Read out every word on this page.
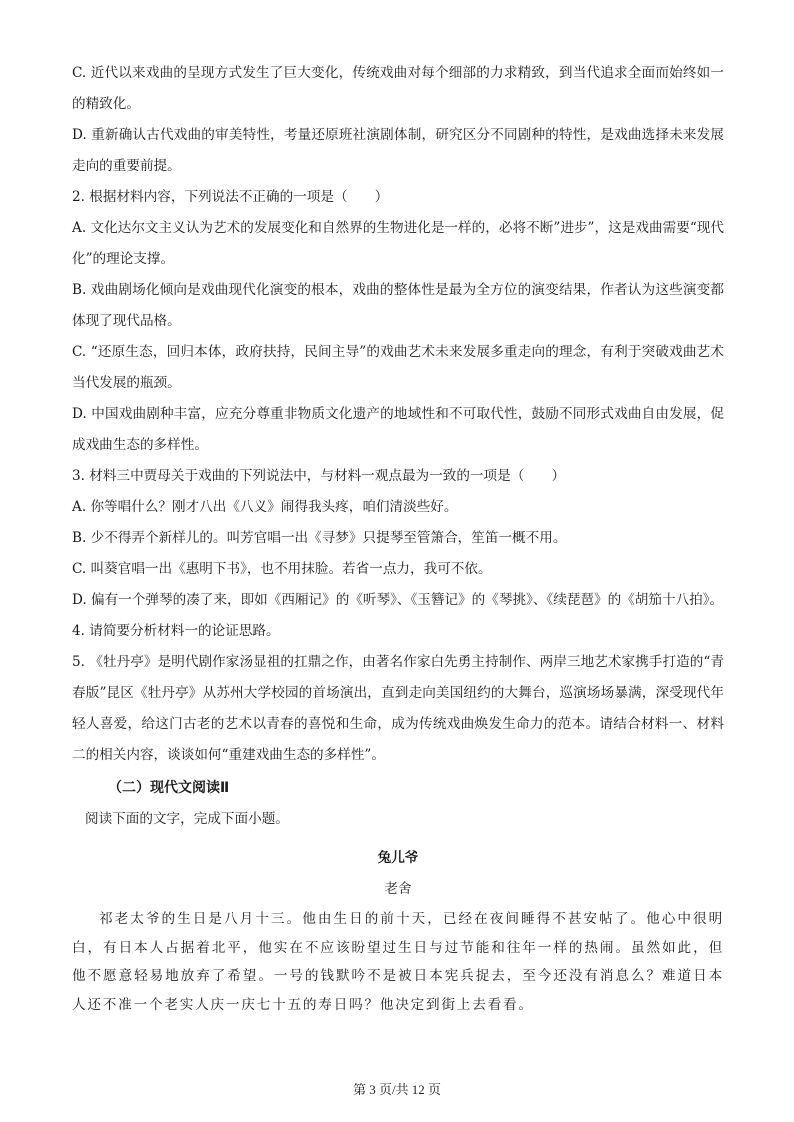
C. 近代以来戏曲的呈现方式发生了巨大变化，传统戏曲对每个细部的力求精致，到当代追求全面而始终如一的精致化。

D. 重新确认古代戏曲的审美特性，考量还原班社演剧体制，研究区分不同剧种的特性，是戏曲选择未来发展走向的重要前提。

2. 根据材料内容，下列说法不正确的一项是（　　）

A. 文化达尔文主义认为艺术的发展变化和自然界的生物进化是一样的，必将不断”进步”，这是戏曲需要“现代化”的理论支撑。

B. 戏曲剧场化倾向是戏曲现代化演变的根本，戏曲的整体性是最为全方位的演变结果，作者认为这些演变都体现了现代品格。

C. “还原生态，回归本体，政府扶持，民间主导”的戏曲艺术未来发展多重走向的理念，有利于突破戏曲艺术当代发展的瓶颈。

D. 中国戏曲剧种丰富，应充分尊重非物质文化遗产的地域性和不可取代性，鼓励不同形式戏曲自由发展，促成戏曲生态的多样性。

3. 材料三中贾母关于戏曲的下列说法中，与材料一观点最为一致的一项是（　　）

A. 你等唱什么？刚才八出《八义》闹得我头疼，咱们清淡些好。

B. 少不得弄个新样儿的。叫芳官唱一出《寻梦》只提琴至管箫合，笙笛一概不用。

C. 叫葵官唱一出《惠明下书》，也不用抹脸。若省一点力，我可不依。

D. 偏有一个弹琴的凑了来，即如《西厢记》的《听琴》、《玉簪记》的《琴挑》、《续琵琶》的《胡笳十八拍》。

4. 请简要分析材料一的论证思路。

5. 《牡丹亭》是明代剧作家汤显祖的扛鼎之作，由著名作家白先勇主持制作、两岸三地艺术家携手打造的“青春版”昆区《牡丹亭》从苏州大学校园的首场演出，直到走向美国纽约的大舞台，巡演场场暴满，深受现代年轻人喜爱，给这门古老的艺术以青春的喜悦和生命，成为传统戏曲焕发生命力的范本。请结合材料一、材料二的相关内容，谈谈如何“重建戏曲生态的多样性”。

（二）现代文阅读Ⅱ

阅读下面的文字，完成下面小题。

兔儿爷

老舍

祁老太爷的生日是八月十三。他由生日的前十天，已经在夜间睡得不甚安帖了。他心中很明白，有日本人占据着北平，他实在不应该盼望过生日与过节能和往年一样的热闹。虽然如此，但他不愿意轻易地放弃了希望。一号的钱默吟不是被日本宪兵捉去，至今还没有消息么？难道日本人还不准一个老实人庆一庆七十五的寿日吗？他决定到街上去看看。

第 3 页/共 12 页
